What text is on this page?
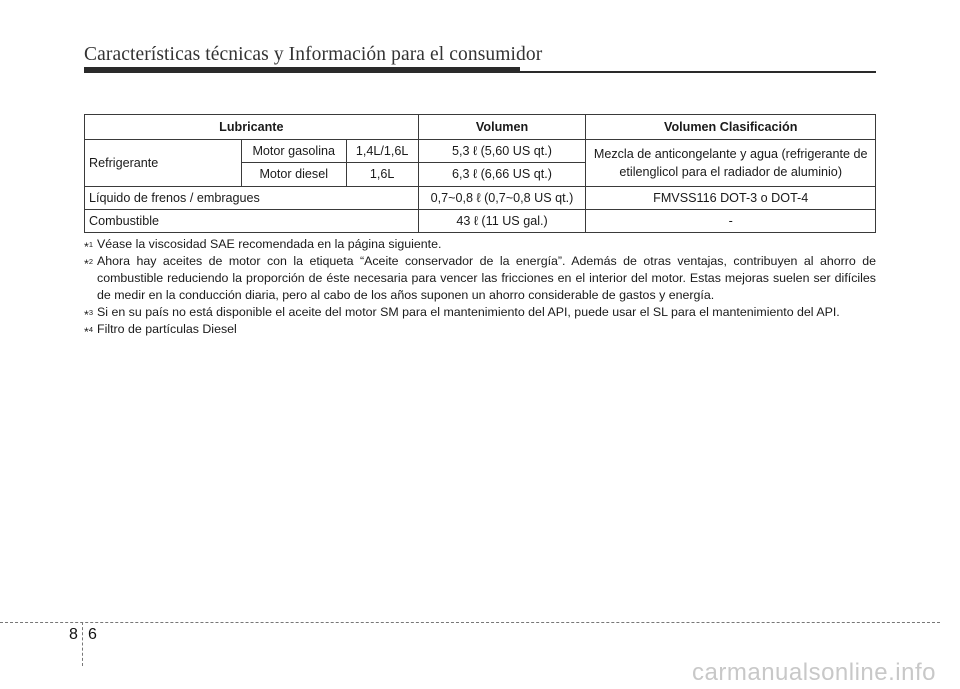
Características técnicas y Información para el consumidor
Lubricante			Volumen	Volumen Clasificación
Refrigerante	Motor gasolina	1,4L/1,6L	5,3 ℓ (5,60 US qt.)	Mezcla de anticongelante y agua (refrigerante de etilenglicol para el radiador de aluminio)
	Motor diesel	1,6L	6,3 ℓ (6,66 US qt.)	
Líquido de frenos / embragues			0,7~0,8 ℓ (0,7~0,8 US qt.)	FMVSS116 DOT-3 o DOT-4
Combustible			43 ℓ (11 US gal.)	-
*$^1$ Véase la viscosidad SAE recomendada en la página siguiente.
*$^2$ Ahora hay aceites de motor con la etiqueta “Aceite conservador de la energía”. Además de otras ventajas, contribuyen al ahorro de combustible reduciendo la proporción de éste necesaria para vencer las fricciones en el interior del motor. Estas mejoras suelen ser difíciles de medir en la conducción diaria, pero al cabo de los años suponen un ahorro considerable de gastos y energía.
*$^3$ Si en su país no está disponible el aceite del motor SM para el mantenimiento del API, puede usar el SL para el mantenimiento del API.
*$^4$ Filtro de partículas Diesel
8 6
carmanualsonline.info
